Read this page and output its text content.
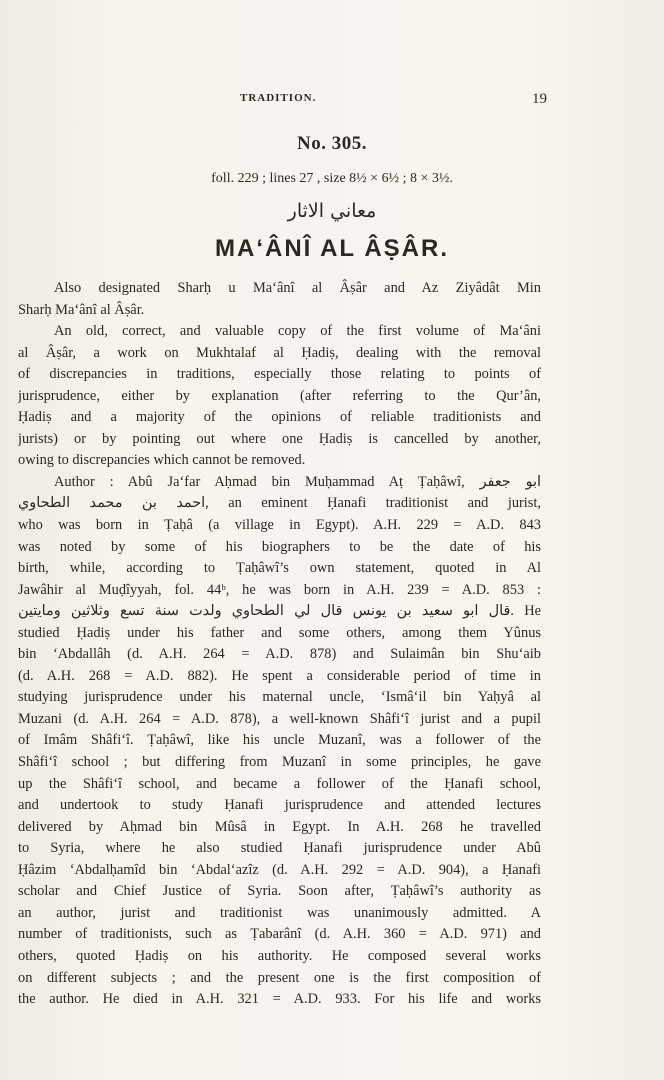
TRADITION.	19
No. 305.
foll. 229 ; lines 27 , size 8½ × 6½ ; 8 × 3½.
معاني الاثار
MA‘ÂNÎ AL ÂṢÂR.
Also designated Sharḥ u Ma‘ânî al Âṣâr and Az Ziyâdât Min
Sharḥ Ma‘ânî al Âṣâr.
An old, correct, and valuable copy of the first volume of Ma‘âni
al Âṣâr, a work on Mukhtalaf al Ḥadiṣ, dealing with the removal
of discrepancies in traditions, especially those relating to points of
jurisprudence, either by explanation (after referring to the Qur’ân,
Ḥadiṣ and a majority of the opinions of reliable traditionists and
jurists) or by pointing out where one Ḥadiṣ is cancelled by another,
owing to discrepancies which cannot be removed.
Author : Abû Ja‘far Aḥmad bin Muḥammad Aṭ Ṭaḥâwî, ابو جعفر
احمد بن محمد الطحاوي, an eminent Ḥanafi traditionist and jurist,
who was born in Ṭaḥâ (a village in Egypt). A.H. 229 = A.D. 843
was noted by some of his biographers to be the date of his
birth, while, according to Ṭaḥâwî’s own statement, quoted in Al
Jawâhir al Muḍîyyah, fol. 44ᵇ, he was born in A.H. 239 = A.D. 853 :
قال ابو سعيد بن يونس قال لي الطحاوي ولدت سنة تسع وثلاثين ومايتين. He
studied Ḥadiṣ under his father and some others, among them Yûnus
bin ‘Abdallâh (d. A.H. 264 = A.D. 878) and Sulaimân bin Shu‘aib
(d. A.H. 268 = A.D. 882). He spent a considerable period of time in
studying jurisprudence under his maternal uncle, ‘Ismâ‘il bin Yaḥyâ al
Muzani (d. A.H. 264 = A.D. 878), a well-known Shâfi‘î jurist and a pupil
of Imâm Shâfi‘î. Ṭaḥâwî, like his uncle Muzanî, was a follower of the
Shâfi‘î school ; but differing from Muzanî in some principles, he gave
up the Shâfi‘î school, and became a follower of the Ḥanafi school,
and undertook to study Ḥanafi jurisprudence and attended lectures
delivered by Aḥmad bin Mûsâ in Egypt. In A.H. 268 he travelled
to Syria, where he also studied Ḥanafi jurisprudence under Abû
Ḥâzim ‘Abdalḥamîd bin ‘Abdal‘azîz (d. A.H. 292 = A.D. 904), a Ḥanafi
scholar and Chief Justice of Syria. Soon after, Ṭaḥâwî’s authority as
an author, jurist and traditionist was unanimously admitted. A
number of traditionists, such as Ṭabarânî (d. A.H. 360 = A.D. 971) and
others, quoted Ḥadiṣ on his authority. He composed several works
on different subjects ; and the present one is the first composition of
the author. He died in A.H. 321 = A.D. 933. For his life and works
